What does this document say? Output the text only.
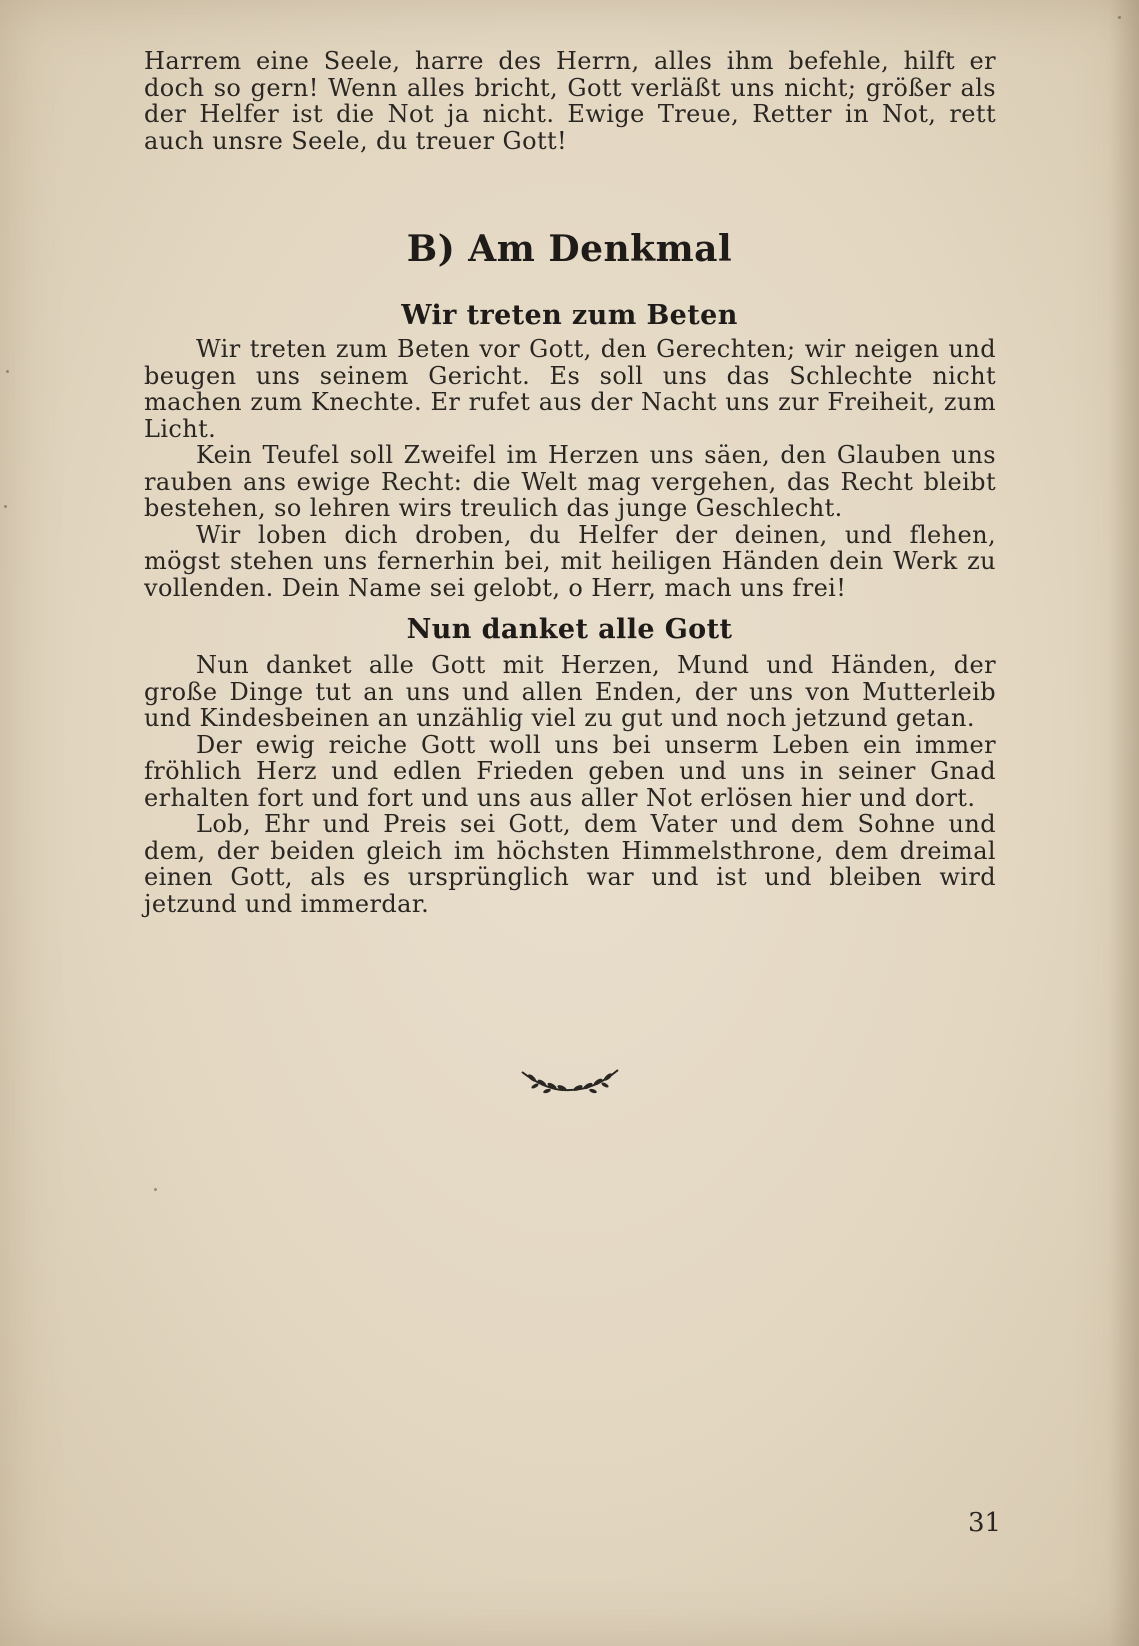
Harrem eine Seele, harre des Herrn, alles ihm befehle, hilft er doch so gern! Wenn alles bricht, Gott verläßt uns nicht; größer als der Helfer ist die Not ja nicht. Ewige Treue, Retter in Not, rett auch unsre Seele, du treuer Gott!

B) Am Denkmal
Wir treten zum Beten

Wir treten zum Beten vor Gott, den Gerechten; wir neigen und beugen uns seinem Gericht. Es soll uns das Schlechte nicht machen zum Knechte. Er rufet aus der Nacht uns zur Freiheit, zum Licht.

Kein Teufel soll Zweifel im Herzen uns säen, den Glauben uns rauben ans ewige Recht: die Welt mag vergehen, das Recht bleibt bestehen, so lehren wirs treulich das junge Geschlecht.

Wir loben dich droben, du Helfer der deinen, und flehen, mögst stehen uns fernerhin bei, mit heiligen Händen dein Werk zu vollenden. Dein Name sei gelobt, o Herr, mach uns frei!

Nun danket alle Gott

Nun danket alle Gott mit Herzen, Mund und Händen, der große Dinge tut an uns und allen Enden, der uns von Mutterleib und Kindesbeinen an unzählig viel zu gut und noch jetzund getan.

Der ewig reiche Gott woll uns bei unserm Leben ein immer fröhlich Herz und edlen Frieden geben und uns in seiner Gnad erhalten fort und fort und uns aus aller Not erlösen hier und dort.

Lob, Ehr und Preis sei Gott, dem Vater und dem Sohne und dem, der beiden gleich im höchsten Himmelsthrone, dem dreimal einen Gott, als es ursprünglich war und ist und bleiben wird jetzund und immerdar.

31
